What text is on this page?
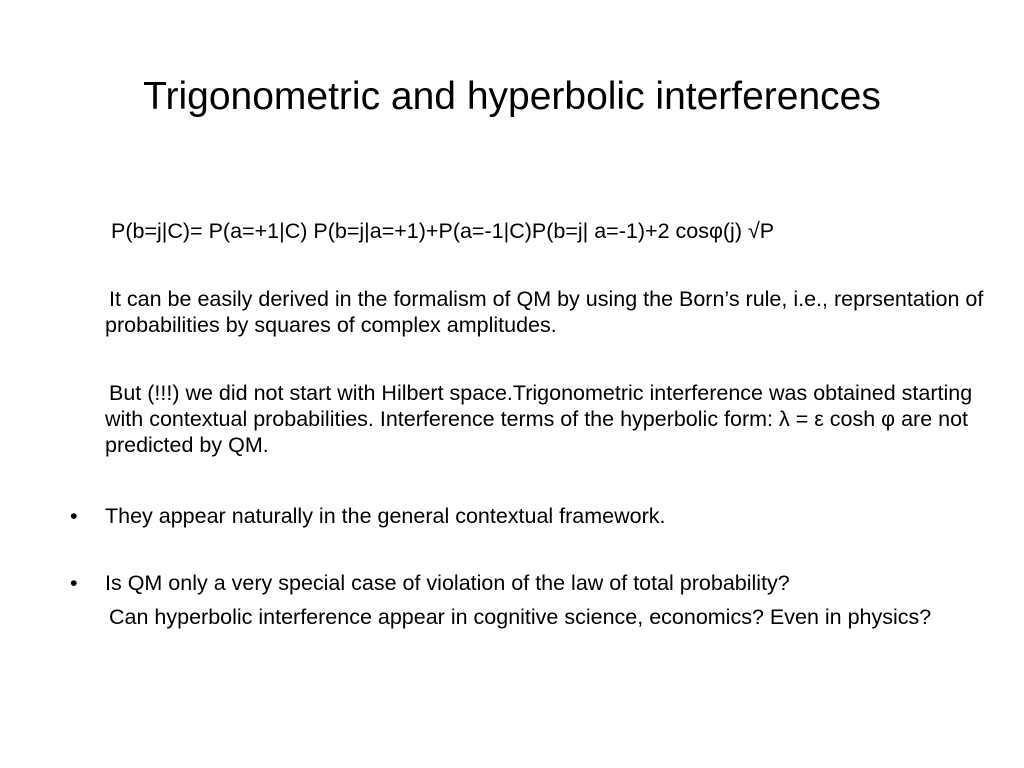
Trigonometric and hyperbolic interferences
P(b=j|C)= P(a=+1|C) P(b=j|a=+1)+P(a=-1|C)P(b=j| a=-1)+2 cosφ(j) √P
It can be easily derived in the formalism of QM by using the Born’s rule, i.e., reprsentation of probabilities by squares of complex amplitudes.
But (!!!) we did not start with Hilbert space.Trigonometric interference was obtained starting with contextual probabilities. Interference terms of the hyperbolic form: λ = ε cosh φ are not predicted by QM.
• They appear naturally in the general contextual framework.
• Is QM only a very special case of violation of the law of total probability?
Can hyperbolic interference appear in cognitive science, economics? Even in physics?
